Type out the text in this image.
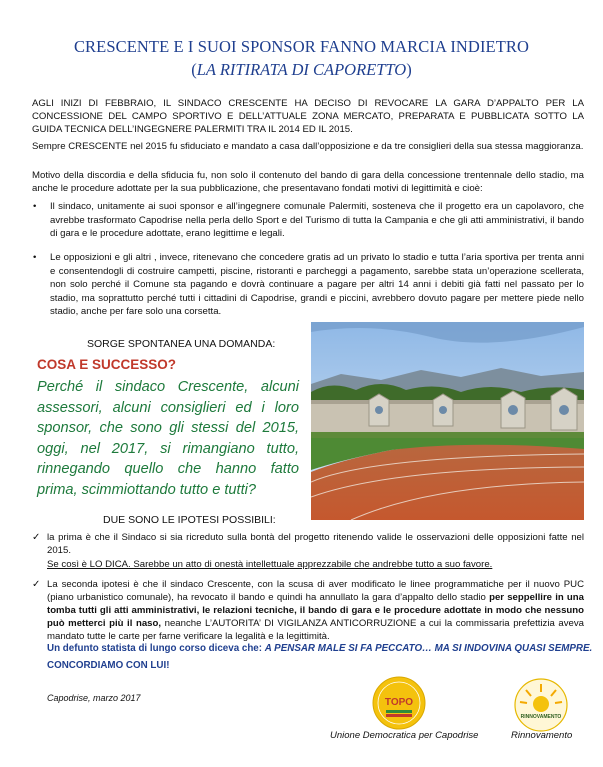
CRESCENTE E I SUOI SPONSOR FANNO MARCIA INDIETRO
(LA RITIRATA DI CAPORETTO)
AGLI INIZI DI FEBBRAIO, IL SINDACO CRESCENTE HA DECISO DI REVOCARE LA GARA D’APPALTO PER LA CONCESSIONE DEL CAMPO SPORTIVO E DELL’ATTUALE ZONA MERCATO, PREPARATA E PUBBLICATA SOTTO LA GUIDA TECNICA DELL’INGEGNERE PALERMITI TRA IL 2014 ED IL 2015.
Sempre CRESCENTE nel 2015 fu sfiduciato e mandato a casa dall’opposizione e da tre consiglieri della sua stessa maggioranza.
Motivo della discordia e della sfiducia fu, non solo il contenuto del bando di gara della concessione trentennale dello stadio, ma anche le procedure adottate per la sua pubblicazione, che presentavano fondati motivi di legittimità e cioè:
• Il sindaco, unitamente ai suoi sponsor e all’ingegnere comunale Palermiti, sosteneva che il progetto era un capolavoro, che avrebbe trasformato Capodrise nella perla dello Sport e del Turismo di tutta la Campania e che gli atti amministrativi, il bando di gara e le procedure adottate, erano legittime e legali.
• Le opposizioni e gli altri , invece, ritenevano che concedere gratis ad un privato lo stadio e tutta l’aria sportiva per trenta anni e consentendogli di costruire campetti, piscine, ristoranti e parcheggi a pagamento, sarebbe stata un’operazione scellerata, non solo perché il Comune sta pagando e dovrà continuare a pagare per altri 14 anni i debiti già fatti nel passato per lo stadio, ma soprattutto perché tutti i cittadini di Capodrise, grandi e piccini, avrebbero dovuto pagare per mettere piede nello stadio, anche per fare solo una corsetta.
SORGE SPONTANEA UNA DOMANDA:
COSA E SUCCESSO?
Perché il sindaco Crescente, alcuni assessori, alcuni consiglieri ed i loro sponsor, che sono gli stessi del 2015, oggi, nel 2017, si rimangiano tutto, rinnegando quello che hanno fatto prima, scimmiottando tutto e tutti?
DUE SONO LE IPOTESI POSSIBILI:
✓ la prima è che il Sindaco si sia ricreduto sulla bontà del progetto ritenendo valide le osservazioni delle opposizioni fatte nel 2015.
Se così è LO DICA. Sarebbe un atto di onestà intellettuale apprezzabile che andrebbe tutto a suo favore.
✓ La seconda ipotesi è che il sindaco Crescente, con la scusa di aver modificato le linee programmatiche per il nuovo PUC (piano urbanistico comunale), ha revocato il bando e quindi ha annullato la gara d’appalto dello stadio per seppellire in una tomba tutti gli atti amministrativi, le relazioni tecniche, il bando di gara e le procedure adottate in modo che nessuno può metterci più il naso, neanche L’AUTORITA’ DI VIGILANZA ANTICORRUZIONE a cui la commissaria prefettizia aveva mandato tutte le carte per farne verificare la legalità e la legittimità.
Un defunto statista di lungo corso diceva che: A PENSAR MALE SI FA PECCATO… MA SI INDOVINA QUASI SEMPRE.
CONCORDIAMO CON LUI!
Capodrise, marzo 2017	TOPO
RINNOVAMENTO
Unione Democratica per Capodrise	Rinnovamento
